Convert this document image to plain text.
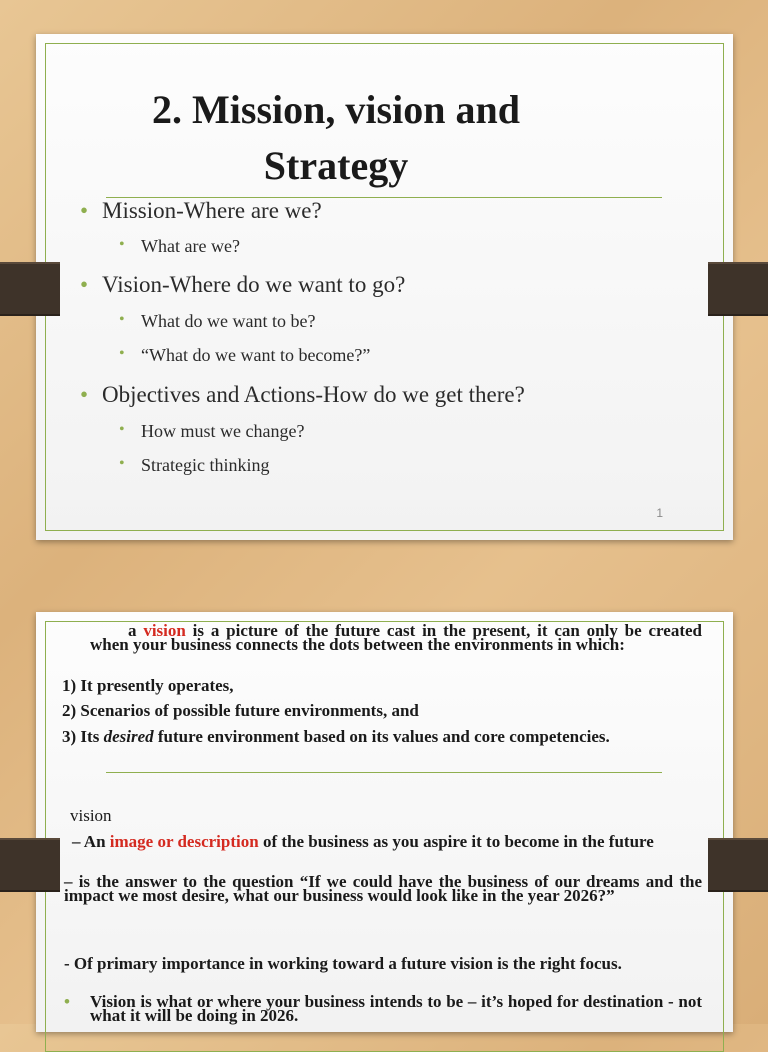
2. Mission, vision and
Strategy

• Mission-Where are we?

• What are we?

• Vision-Where do we want to go?

• What do we want to be?

• “What do we want to become?”

• Objectives and Actions-How do we get there?

• How must we change?

• Strategic thinking

1

a vision is a picture of the future cast in the present, it can only be created when your business connects the dots between the environments in which:

1) It presently operates,

2) Scenarios of possible future environments, and

3) Its desired future environment based on its values and core competencies.

vision

– An image or description of the business as you aspire it to become in the future

– is the answer to the question “If we could have the business of our dreams and the impact we most desire, what our business would look like in the year 2026?”

- Of primary importance in working toward a future vision is the right focus.

• Vision is what or where your business intends to be – it’s hoped for destination - not what it will be doing in 2026.
